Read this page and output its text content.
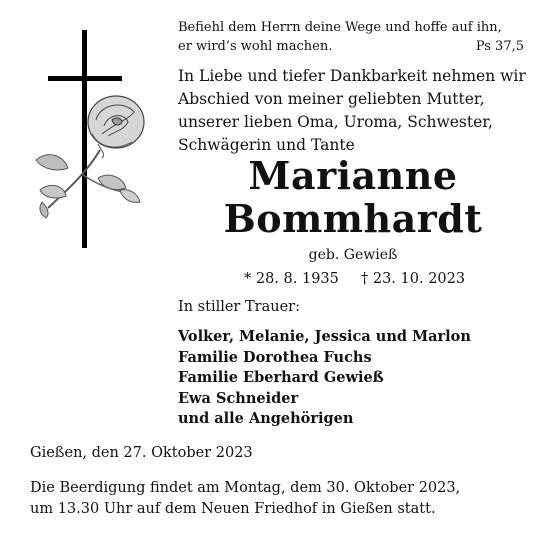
Befiehl dem Herrn deine Wege und hoffe auf ihn,
er wird’s wohl machen.	Ps 37,5
In Liebe und tiefer Dankbarkeit nehmen wir
Abschied von meiner geliebten Mutter,
unserer lieben Oma, Uroma, Schwester,
Schwägerin und Tante
Marianne
Bommhardt
geb. Gewieß
* 28. 8. 1935 † 23. 10. 2023
In stiller Trauer:
Volker, Melanie, Jessica und Marlon
Familie Dorothea Fuchs
Familie Eberhard Gewieß
Ewa Schneider
und alle Angehörigen
Gießen, den 27. Oktober 2023
Die Beerdigung findet am Montag, dem 30. Oktober 2023,
um 13.30 Uhr auf dem Neuen Friedhof in Gießen statt.
